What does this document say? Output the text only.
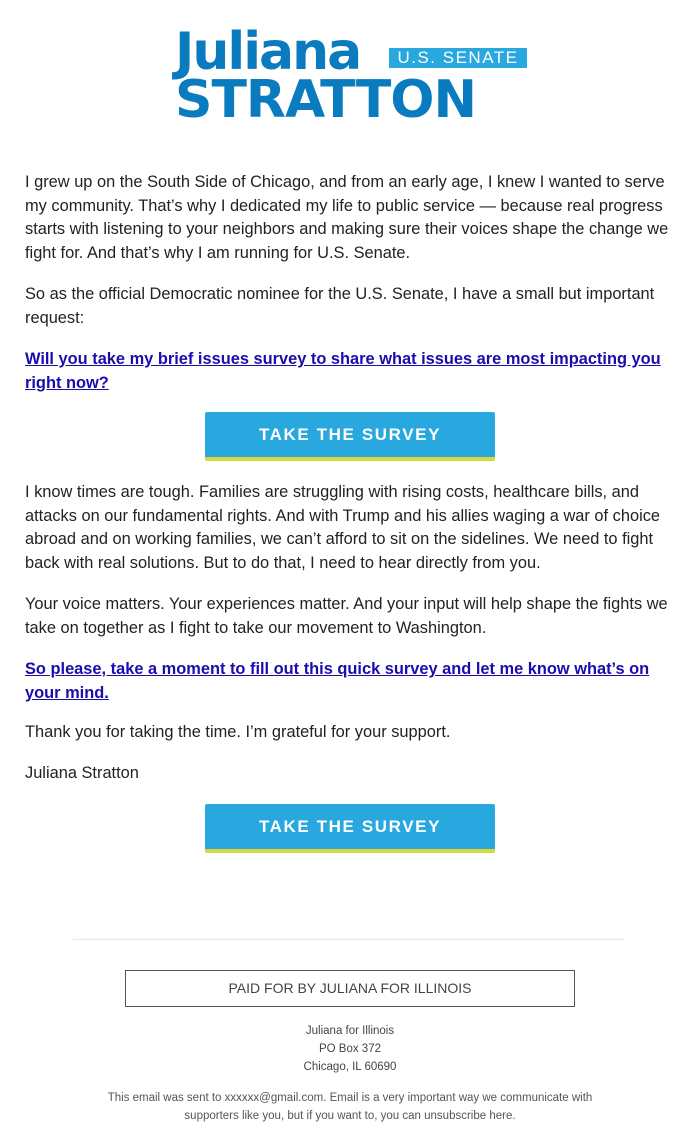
Juliana	U.S. SENATE
STRATTON

I grew up on the South Side of Chicago, and from an early age, I knew I wanted to serve my community. That’s why I dedicated my life to public service — because real progress starts with listening to your neighbors and making sure their voices shape the change we fight for. And that’s why I am running for U.S. Senate.

So as the official Democratic nominee for the U.S. Senate, I have a small but important request:

Will you take my brief issues survey to share what issues are most impacting you right now?
TAKE THE SURVEY

I know times are tough. Families are struggling with rising costs, healthcare bills, and attacks on our fundamental rights. And with Trump and his allies waging a war of choice abroad and on working families, we can’t afford to sit on the sidelines. We need to fight back with real solutions. But to do that, I need to hear directly from you.

Your voice matters. Your experiences matter. And your input will help shape the fights we take on together as I fight to take our movement to Washington.

So please, take a moment to fill out this quick survey and let me know what’s on your mind.

Thank you for taking the time. I’m grateful for your support.

Juliana Stratton

TAKE THE SURVEY
PAID FOR BY JULIANA FOR ILLINOIS
Juliana for Illinois
PO Box 372
Chicago, IL 60690
This email was sent to xxxxxx@gmail.com. Email is a very important way we communicate with supporters like you, but if you want to, you can unsubscribe here.
